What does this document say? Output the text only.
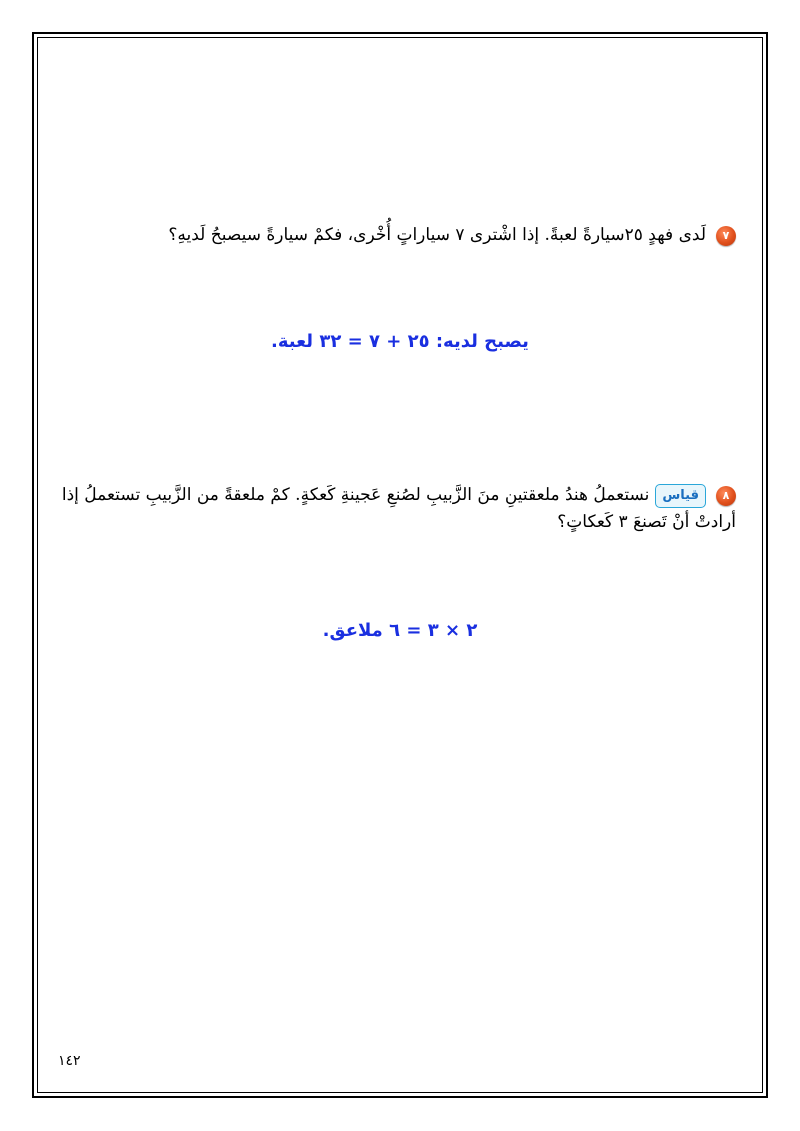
٧لَدى فهدٍ ٢٥سيارةً لعبةً. إذا اشْترى ٧ سياراتٍ أُخْرى، فكمْ سيارةً سيصبحُ لَديهِ؟
يصبح لديه: ٢٥ + ٧ = ٣٢ لعبة.
٨قياسنستعملُ هندُ ملعقتينِ منَ الزَّبيبِ لصُنعِ عَجينةِ كَعكةٍ. كمْ ملعقةً من الزَّبيبِ تستعملُ إذا أرادتْ أنْ تَصنعَ ٣ كَعكاتٍ؟
٢ × ٣ = ٦ ملاعق.
١٤٢
